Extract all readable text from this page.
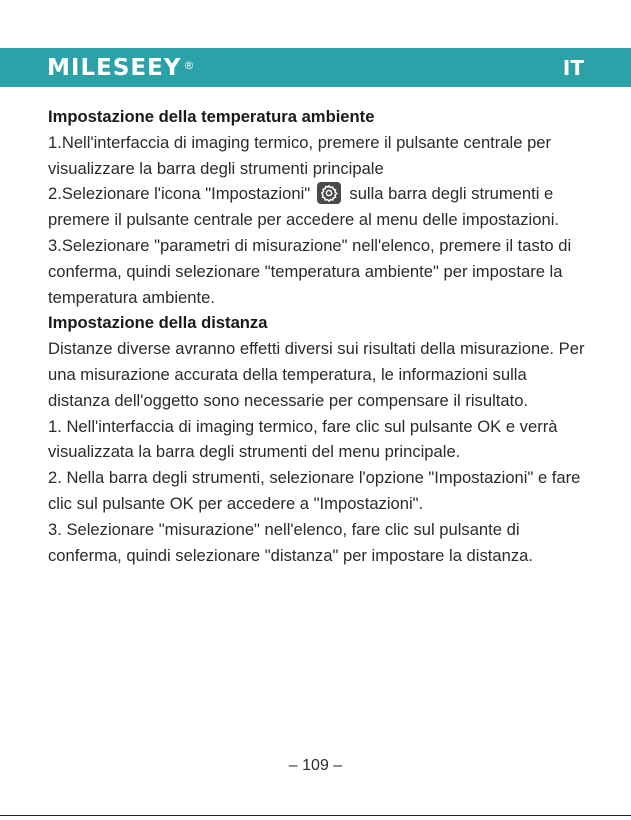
MILESEEY ®	IT

Impostazione della temperatura ambiente

1.Nell'interfaccia di imaging termico, premere il pulsante centrale per visualizzare la barra degli strumenti principale

2.Selezionare l'icona "Impostazioni" sulla barra degli strumenti e premere il pulsante centrale per accedere al menu delle impostazioni.

3.Selezionare "parametri di misurazione" nell'elenco, premere il tasto di conferma, quindi selezionare "temperatura ambiente" per impostare la temperatura ambiente.

Impostazione della distanza

Distanze diverse avranno effetti diversi sui risultati della misurazione. Per una misurazione accurata della temperatura, le informazioni sulla distanza dell'oggetto sono necessarie per compensare il risultato.

1. Nell'interfaccia di imaging termico, fare clic sul pulsante OK e verrà visualizzata la barra degli strumenti del menu principale.

2. Nella barra degli strumenti, selezionare l'opzione "Impostazioni" e fare clic sul pulsante OK per accedere a "Impostazioni".

3. Selezionare "misurazione" nell'elenco, fare clic sul pulsante di conferma, quindi selezionare "distanza" per impostare la distanza.

– 109 –
